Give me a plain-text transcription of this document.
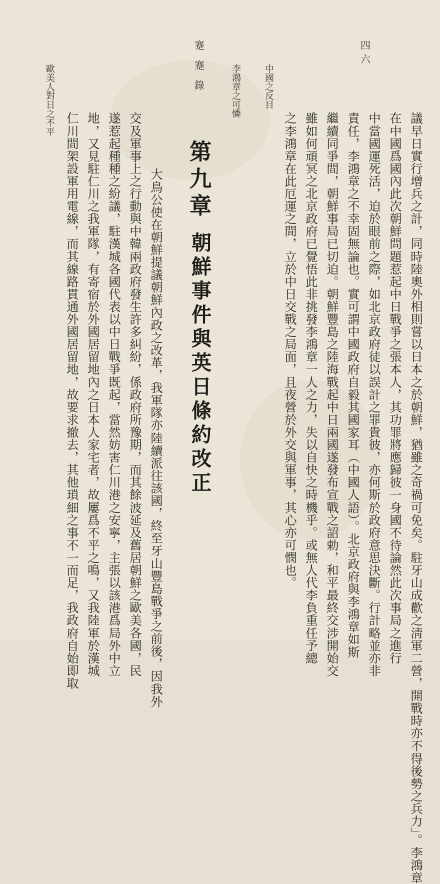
蹇蹇錄	四六
議早日實行增兵之計，同時陸奧外相則嘗以日本之於朝鮮，猶雖之奇禍可免矣。駐牙山成歡之淸軍二營，開戰時亦不得後勢之兵力」。李鴻章
在中國爲國內此次朝鮮問題惹起中日戰爭之張本人，其功罪將應歸彼一身國不待論然此次事局之進行
中當國運死活，迫於眼前之際，如北京政府徒以誤計之罪貴彼，亦何斯於政府意思決斷。行計略並亦非
責任，李鴻章之不幸固無論也。實可謂中國政府自毅其國家耳（中國人語）。北京政府與李鴻章如斯
繼續同爭間，朝鮮事局已切迫。朝鮮豐島之陸海戰起中日兩國遂發布宣戰之詔勅，和平最終交涉開始交
雖如何頑冥之北京政府已覺悟此非挑發李鴻章一人之力，失以自快之時機乎。或無人代李負重任予總
之李鴻章在此厄運之間，立於中日交戰之局面，且夜營於外交與軍事，其心亦可憫也。
中國之反目
李鴻章之可憐
第九章
朝鮮事件與英日條約改正
大鳥公使在朝鮮提議朝鮮內政之改革，我軍隊亦陸續派往該國，終至牙山豐島戰爭之前後，因我外
交及軍事上之行動與中韓兩政府發生許多糾紛，係政府所豫期，而其餘波延及舊居朝鮮之歐美各國，民
遂惹起種種之紛議，駐漢城各國代表以中日戰爭既起，當然妨害仁川港之安寧，主張以該港爲局外中立
地，又見駐仁川之我軍隊，有寄宿於外國居留地內之日本人家宅者，故屢爲不平之鳴，又我陸軍於漢城
仁川間架設軍用電線，而其線路貫通外國居留地，故要求撤去，其他瑣細之事不一而足，我政府自始即取
歐美人對日之不平
